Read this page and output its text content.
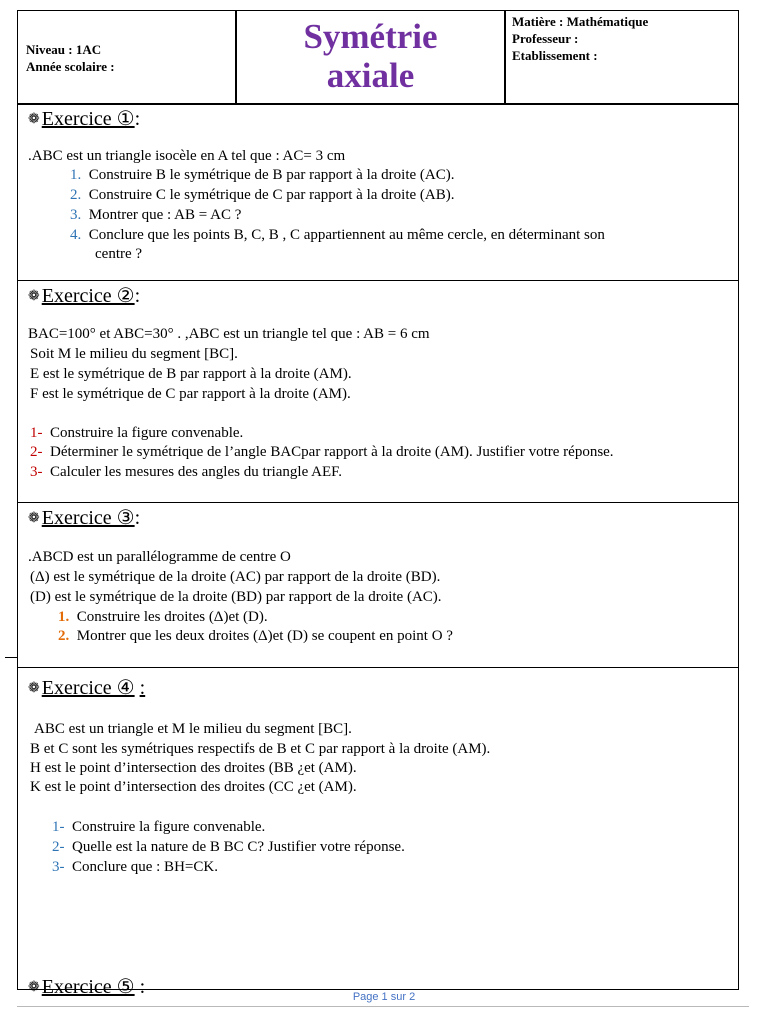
Niveau : 1AC
Année scolaire :
Symétrie
axiale
Matière : Mathématique
Professeur :
Etablissement :
❁ Exercice ①:
.ABC est un triangle isocèle en A tel que : AC= 3 cm
1. Construire B le symétrique de B par rapport à la droite (AC).
2. Construire C le symétrique de C par rapport à la droite (AB).
3. Montrer que : AB = AC ?
4. Conclure que les points B, C, B , C appartiennent au même cercle, en déterminant son
centre ?
❁ Exercice ②:
BAC=100° et ABC=30° . ,ABC est un triangle tel que : AB = 6 cm
Soit M le milieu du segment [BC].
E est le symétrique de B par rapport à la droite (AM).
F est le symétrique de C par rapport à la droite (AM).
1- Construire la figure convenable.
2- Déterminer le symétrique de l’angle BACpar rapport à la droite (AM). Justifier votre réponse.
3- Calculer les mesures des angles du triangle AEF.
❁ Exercice ③:
.ABCD est un parallélogramme de centre O
(Δ) est le symétrique de la droite (AC) par rapport de la droite (BD).
(D) est le symétrique de la droite (BD) par rapport de la droite (AC).
1. Construire les droites (Δ)et (D).
2. Montrer que les deux droites (Δ)et (D) se coupent en point O ?
❁ Exercice ④ :
ABC est un triangle et M le milieu du segment [BC].
B et C sont les symétriques respectifs de B et C par rapport à la droite (AM).
H est le point d’intersection des droites (BB ¿et (AM).
K est le point d’intersection des droites (CC ¿et (AM).
1- Construire la figure convenable.
2- Quelle est la nature de B BC C? Justifier votre réponse.
3- Conclure que : BH=CK.
❁ Exercice ⑤ :	Page 1 sur 2
